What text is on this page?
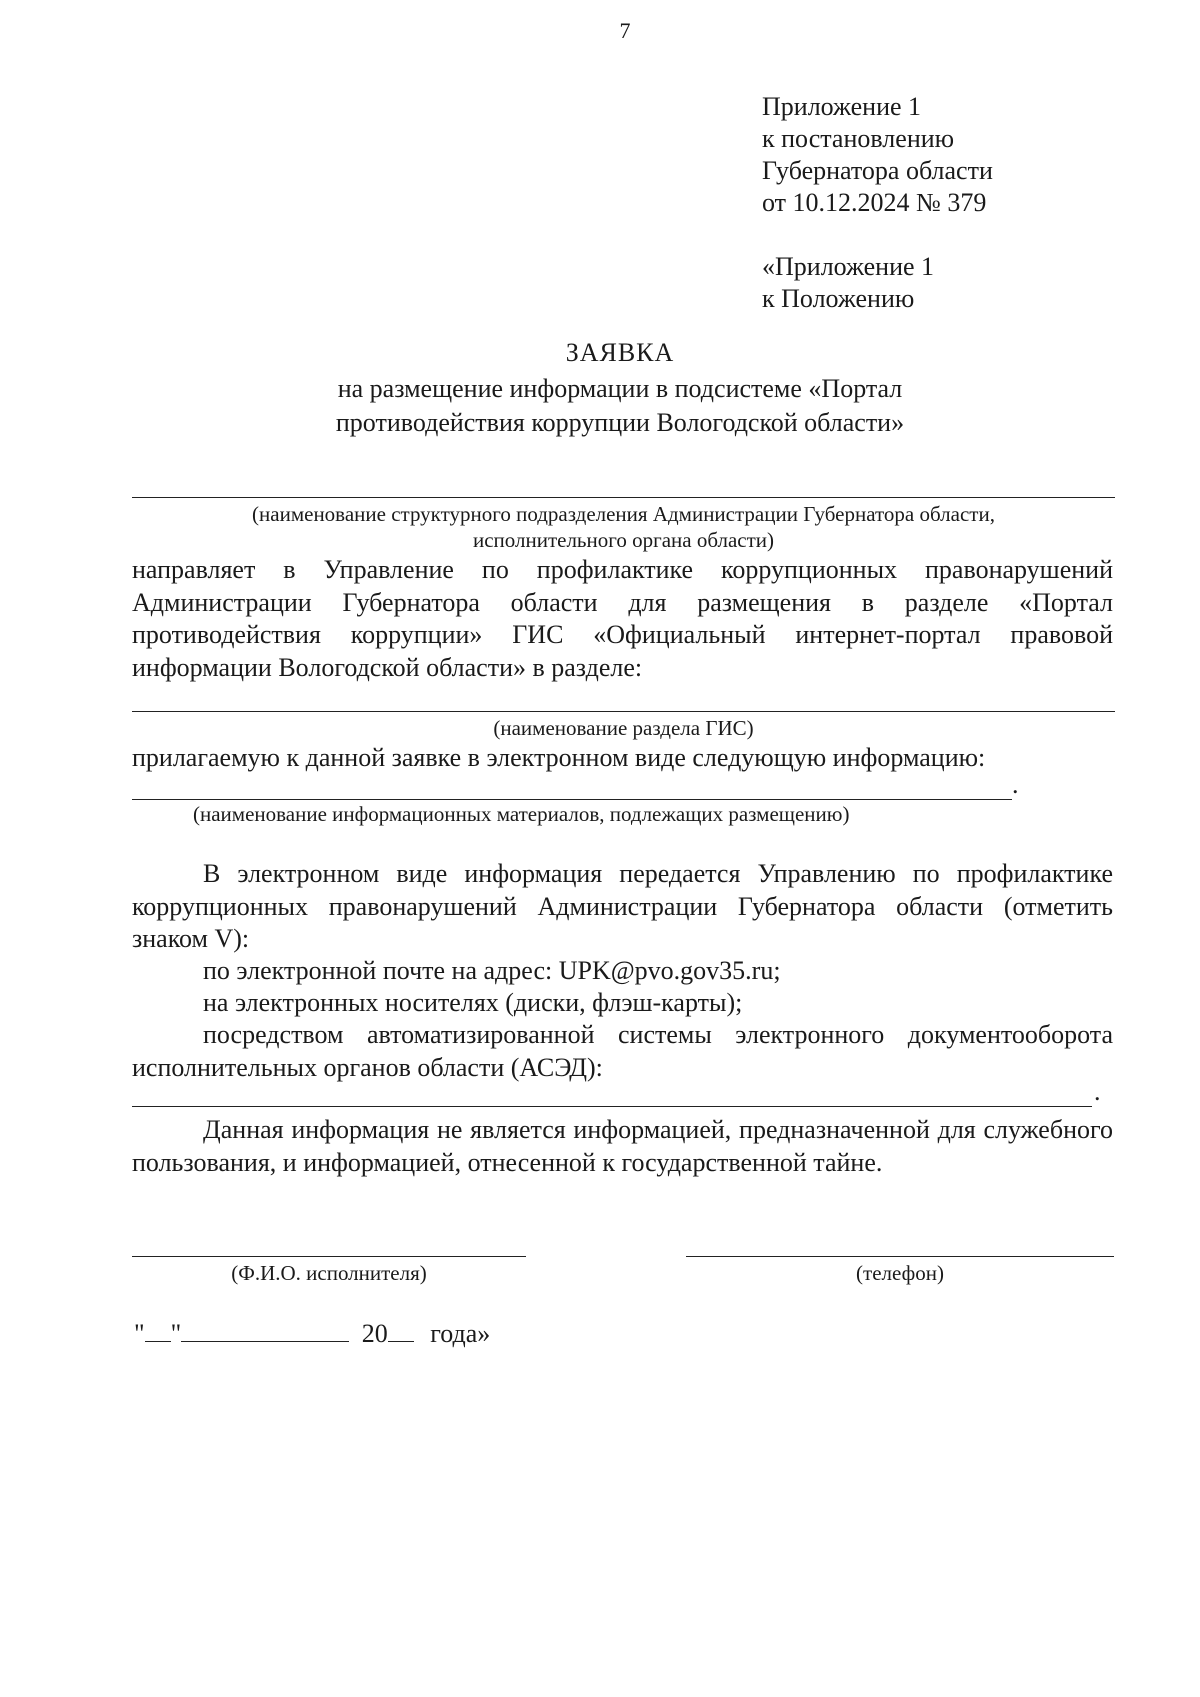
7
Приложение 1
к постановлению
Губернатора области
от 10.12.2024 № 379
«Приложение 1
к Положению
ЗАЯВКА
на размещение информации в подсистеме «Портал
противодействия коррупции Вологодской области»
(наименование структурного подразделения Администрации Губернатора области,
исполнительного органа области)
направляет в Управление по профилактике коррупционных правонарушений Администрации Губернатора области для размещения в разделе «Портал противодействия коррупции» ГИС «Официальный интернет-портал правовой информации Вологодской области» в разделе:
(наименование раздела ГИС)
прилагаемую к данной заявке в электронном виде следующую информацию:
.
(наименование информационных материалов, подлежащих размещению)
В электронном виде информация передается Управлению по профилактике коррупционных правонарушений Администрации Губернатора области (отметить знаком V):
по электронной почте на адрес: UPK@pvo.gov35.ru;
на электронных носителях (диски, флэш-карты);
посредством автоматизированной системы электронного документооборота исполнительных органов области (АСЭД):
.
Данная информация не является информацией, предназначенной для служебного пользования, и информацией, отнесенной к государственной тайне.
(Ф.И.О. исполнителя)	(телефон)
" "	20 года»
